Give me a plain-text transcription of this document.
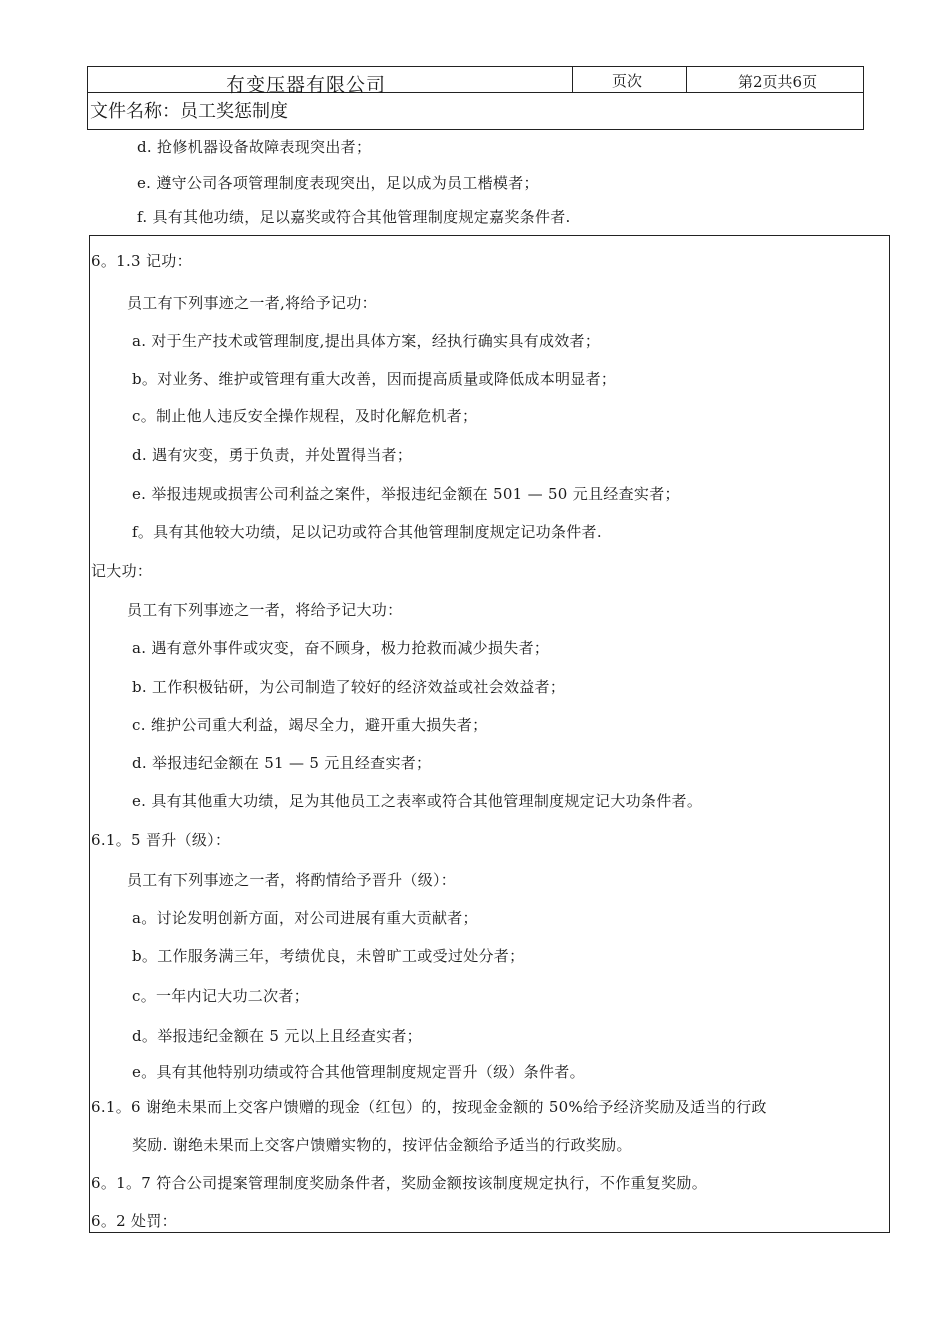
𠕇变压器有限公司	页次	第2页共6页
文件名称：员工奖惩制度
d. 抢修机器设备故障表现突出者；
e. 遵守公司各项管理制度表现突出，足以成为员工楷模者；
f. 具有其他功绩，足以嘉奖或符合其他管理制度规定嘉奖条件者.
6。1.3 记功：
员工有下列事迹之一者,将给予记功：
a. 对于生产技术或管理制度,提出具体方案，经执行确实具有成效者；
b。对业务、维护或管理有重大改善，因而提高质量或降低成本明显者；
c。制止他人违反安全操作规程，及时化解危机者；
d. 遇有灾变，勇于负责，并处置得当者；
e. 举报违规或损害公司利益之案件，举报违纪金额在 501 — 50 元且经查实者；
f。具有其他较大功绩，足以记功或符合其他管理制度规定记功条件者.
记大功：
员工有下列事迹之一者，将给予记大功：
a. 遇有意外事件或灾变，奋不顾身，极力抢救而减少损失者；
b. 工作积极钻研，为公司制造了较好的经济效益或社会效益者；
c. 维护公司重大利益，竭尽全力，避开重大损失者；
d. 举报违纪金额在 51 — 5 元且经查实者；
e. 具有其他重大功绩，足为其他员工之表率或符合其他管理制度规定记大功条件者。
6.1。5 晋升（级）：
员工有下列事迹之一者，将酌情给予晋升（级）：
a。讨论发明创新方面，对公司进展有重大贡献者；
b。工作服务满三年，考绩优良，未曾旷工或受过处分者；
c。一年内记大功二次者；
d。举报违纪金额在 5 元以上且经查实者；
e。具有其他特别功绩或符合其他管理制度规定晋升（级）条件者。
6.1。6 谢绝未果而上交客户馈赠的现金（红包）的，按现金金额的 50%给予经济奖励及适当的行政
奖励. 谢绝未果而上交客户馈赠实物的，按评估金额给予适当的行政奖励。
6。1。7 符合公司提案管理制度奖励条件者，奖励金额按该制度规定执行，不作重复奖励。
6。2 处罚：
